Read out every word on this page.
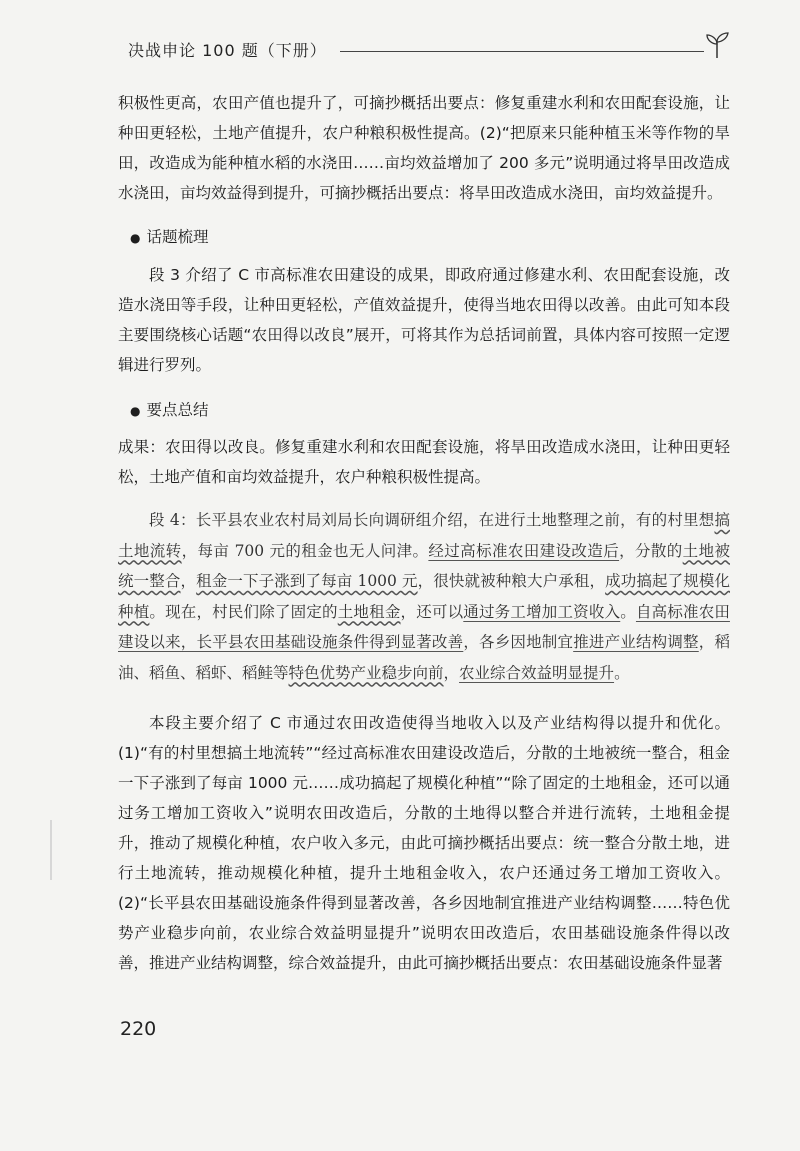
决战申论 100 题（下册）
积极性更高，农田产值也提升了，可摘抄概括出要点：修复重建水利和农田配套设施，让种田更轻松，土地产值提升，农户种粮积极性提高。(2)“把原来只能种植玉米等作物的旱田，改造成为能种植水稻的水浇田……亩均效益增加了 200 多元”说明通过将旱田改造成水浇田，亩均效益得到提升，可摘抄概括出要点：将旱田改造成水浇田，亩均效益提升。
● 话题梳理
段 3 介绍了 C 市高标准农田建设的成果，即政府通过修建水利、农田配套设施，改造水浇田等手段，让种田更轻松，产值效益提升，使得当地农田得以改善。由此可知本段主要围绕核心话题“农田得以改良”展开，可将其作为总括词前置，具体内容可按照一定逻辑进行罗列。
● 要点总结
成果：农田得以改良。修复重建水利和农田配套设施，将旱田改造成水浇田，让种田更轻松，土地产值和亩均效益提升，农户种粮积极性提高。
段 4：长平县农业农村局刘局长向调研组介绍，在进行土地整理之前，有的村里想搞土地流转，每亩 700 元的租金也无人问津。经过高标准农田建设改造后，分散的土地被统一整合，租金一下子涨到了每亩 1000 元，很快就被种粮大户承租，成功搞起了规模化种植。现在，村民们除了固定的土地租金，还可以通过务工增加工资收入。自高标准农田建设以来，长平县农田基础设施条件得到显著改善，各乡因地制宜推进产业结构调整，稻油、稻鱼、稻虾、稻鲑等特色优势产业稳步向前，农业综合效益明显提升。
本段主要介绍了 C 市通过农田改造使得当地收入以及产业结构得以提升和优化。(1)“有的村里想搞土地流转”“经过高标准农田建设改造后，分散的土地被统一整合，租金一下子涨到了每亩 1000 元……成功搞起了规模化种植”“除了固定的土地租金，还可以通过务工增加工资收入”说明农田改造后，分散的土地得以整合并进行流转，土地租金提升，推动了规模化种植，农户收入多元，由此可摘抄概括出要点：统一整合分散土地，进行土地流转，推动规模化种植，提升土地租金收入，农户还通过务工增加工资收入。(2)“长平县农田基础设施条件得到显著改善，各乡因地制宜推进产业结构调整……特色优势产业稳步向前，农业综合效益明显提升”说明农田改造后，农田基础设施条件得以改善，推进产业结构调整，综合效益提升，由此可摘抄概括出要点：农田基础设施条件显著
220
